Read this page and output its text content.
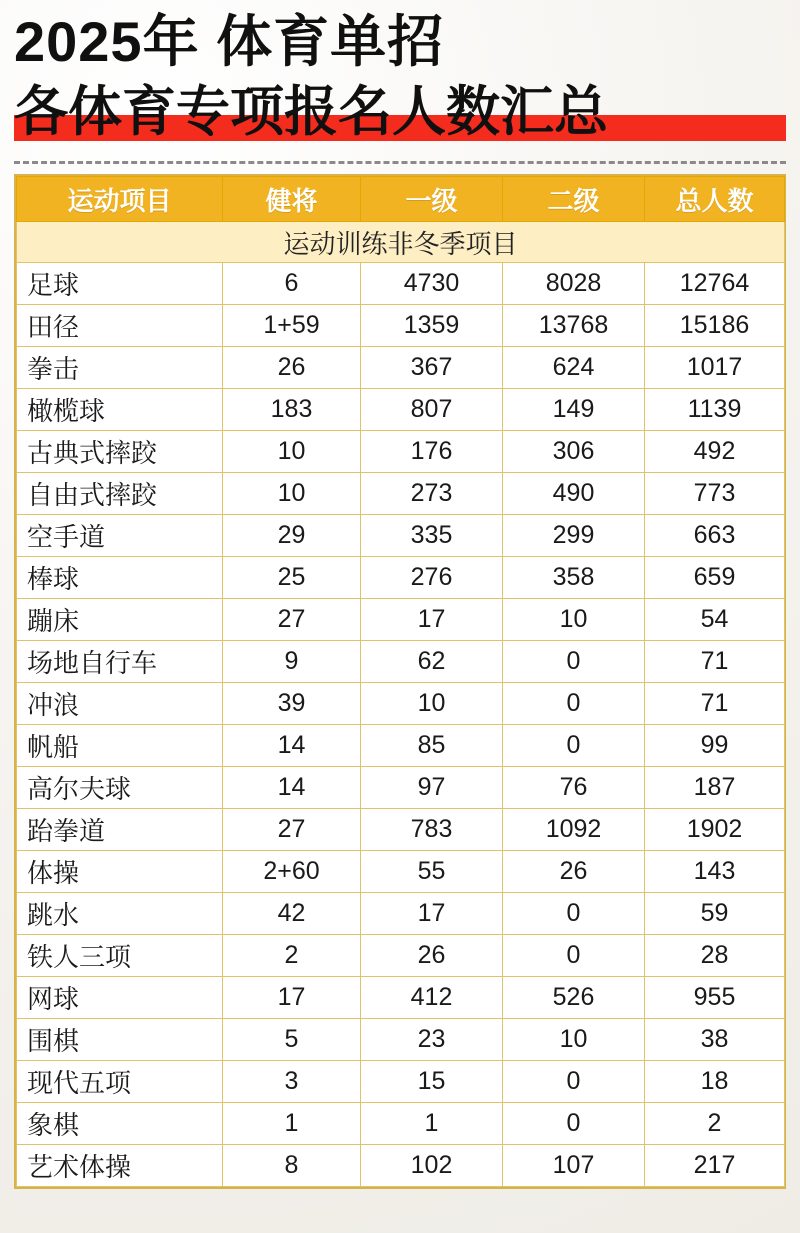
2025年 体育单招
各体育专项报名人数汇总
运动项目	健将	一级	二级	总人数
运动训练非冬季项目				
足球	6	4730	8028	12764
田径	1+59	1359	13768	15186
拳击	26	367	624	1017
橄榄球	183	807	149	1139
古典式摔跤	10	176	306	492
自由式摔跤	10	273	490	773
空手道	29	335	299	663
棒球	25	276	358	659
蹦床	27	17	10	54
场地自行车	9	62	0	71
冲浪	39	10	0	71
帆船	14	85	0	99
高尔夫球	14	97	76	187
跆拳道	27	783	1092	1902
体操	2+60	55	26	143
跳水	42	17	0	59
铁人三项	2	26	0	28
网球	17	412	526	955
围棋	5	23	10	38
现代五项	3	15	0	18
象棋	1	1	0	2
艺术体操	8	102	107	217
